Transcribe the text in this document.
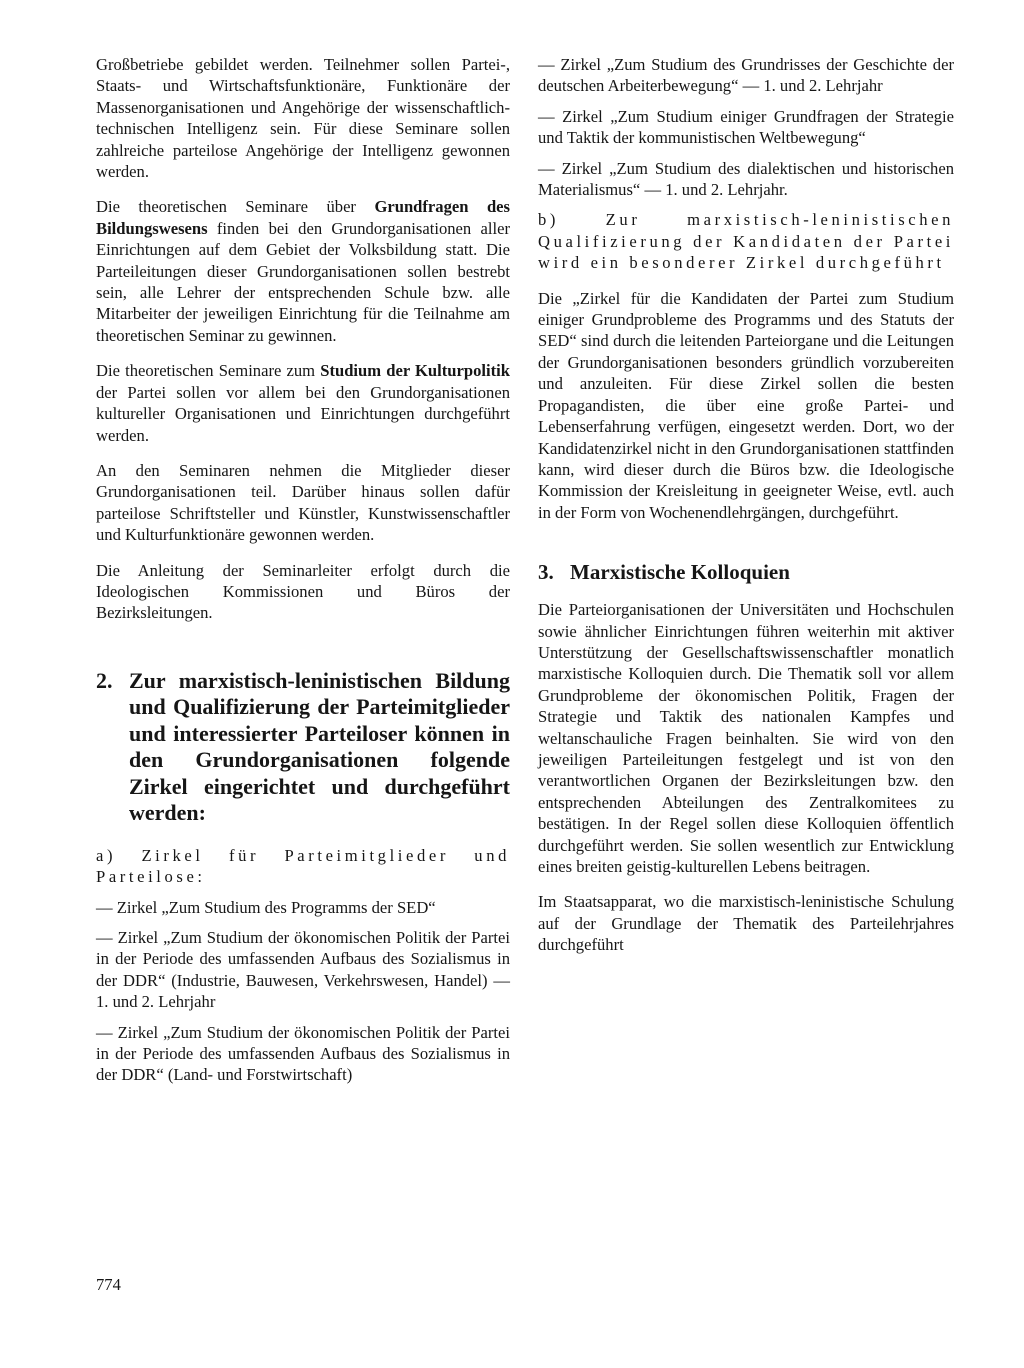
Großbetriebe gebildet werden. Teilnehmer sollen Partei-, Staats- und Wirtschaftsfunktionäre, Funktionäre der Massenorganisationen und Angehörige der wissenschaftlich-technischen Intelligenz sein. Für diese Seminare sollen zahlreiche parteilose Angehörige der Intelligenz gewonnen werden.

Die theoretischen Seminare über Grundfragen des Bildungswesens finden bei den Grundorganisationen aller Einrichtungen auf dem Gebiet der Volksbildung statt. Die Parteileitungen dieser Grundorganisationen sollen bestrebt sein, alle Lehrer der entsprechenden Schule bzw. alle Mitarbeiter der jeweiligen Einrichtung für die Teilnahme am theoretischen Seminar zu gewinnen.

Die theoretischen Seminare zum Studium der Kulturpolitik der Partei sollen vor allem bei den Grundorganisationen kultureller Organisationen und Einrichtungen durchgeführt werden.

An den Seminaren nehmen die Mitglieder dieser Grundorganisationen teil. Darüber hinaus sollen dafür parteilose Schriftsteller und Künstler, Kunstwissenschaftler und Kulturfunktionäre gewonnen werden.

Die Anleitung der Seminarleiter erfolgt durch die Ideologischen Kommissionen und Büros der Bezirksleitungen.

2. Zur marxistisch-leninistischen Bildung und Qualifizierung der Parteimitglieder und interessierter Parteiloser können in den Grundorganisationen folgende Zirkel eingerichtet und durchgeführt werden:

a) Zirkel für Parteimitglieder und Parteilose:

— Zirkel „Zum Studium des Programms der SED“

— Zirkel „Zum Studium der ökonomischen Politik der Partei in der Periode des umfassenden Aufbaus des Sozialismus in der DDR“ (Industrie, Bauwesen, Verkehrswesen, Handel) — 1. und 2. Lehrjahr

— Zirkel „Zum Studium der ökonomischen Politik der Partei in der Periode des umfassenden Aufbaus des Sozialismus in der DDR“ (Land- und Forstwirtschaft)

— Zirkel „Zum Studium des Grundrisses der Geschichte der deutschen Arbeiterbewegung“ — 1. und 2. Lehrjahr

— Zirkel „Zum Studium einiger Grundfragen der Strategie und Taktik der kommunistischen Weltbewegung“

— Zirkel „Zum Studium des dialektischen und historischen Materialismus“ — 1. und 2. Lehrjahr.

b) Zur marxistisch-leninistischen Qualifizierung der Kandidaten der Partei wird ein besonderer Zirkel durchgeführt

Die „Zirkel für die Kandidaten der Partei zum Studium einiger Grundprobleme des Programms und des Statuts der SED“ sind durch die leitenden Parteiorgane und die Leitungen der Grundorganisationen besonders gründlich vorzubereiten und anzuleiten. Für diese Zirkel sollen die besten Propagandisten, die über eine große Partei- und Lebenserfahrung verfügen, eingesetzt werden. Dort, wo der Kandidatenzirkel nicht in den Grundorganisationen stattfinden kann, wird dieser durch die Büros bzw. die Ideologische Kommission der Kreisleitung in geeigneter Weise, evtl. auch in der Form von Wochenendlehrgängen, durchgeführt.

3. Marxistische Kolloquien

Die Parteiorganisationen der Universitäten und Hochschulen sowie ähnlicher Einrichtungen führen weiterhin mit aktiver Unterstützung der Gesellschaftswissenschaftler monatlich marxistische Kolloquien durch. Die Thematik soll vor allem Grundprobleme der ökonomischen Politik, Fragen der Strategie und Taktik des nationalen Kampfes und weltanschauliche Fragen beinhalten. Sie wird von den jeweiligen Parteileitungen festgelegt und ist von den verantwortlichen Organen der Bezirksleitungen bzw. den entsprechenden Abteilungen des Zentralkomitees zu bestätigen. In der Regel sollen diese Kolloquien öffentlich durchgeführt werden. Sie sollen wesentlich zur Entwicklung eines breiten geistig-kulturellen Lebens beitragen.

Im Staatsapparat, wo die marxistisch-leninistische Schulung auf der Grundlage der Thematik des Parteilehrjahres durchgeführt

774
